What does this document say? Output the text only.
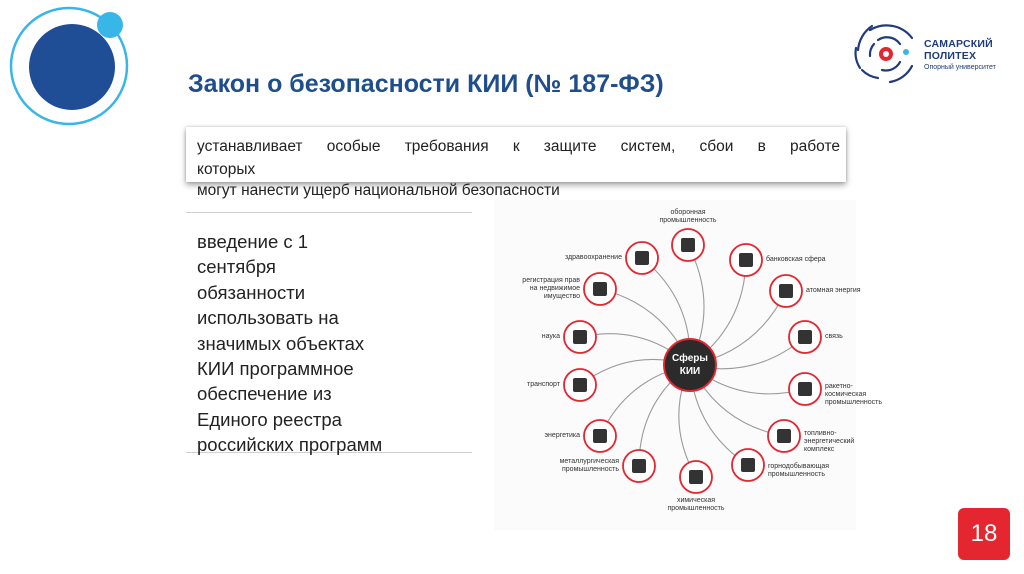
САМАРСКИЙ
ПОЛИТЕХ
Опорный университет
Закон о безопасности КИИ (№ 187-ФЗ)
устанавливает особые требования к защите систем, сбои в работе
которых
могут нанести ущерб национальной безопасности
введение с 1
сентября
обязанности
использовать на
значимых объектах
КИИ программное
обеспечение из
Единого реестра
российских программ
оборонная
промышленность
банковская сфера
атомная энергия
связь
ракетно-
космическая
промышленность
топливно-
энергетический
комплекс
горнодобывающая
промышленность
химическая
промышленность
металлургическая
промышленность
энергетика
транспорт
наука
регистрация прав
на недвижимое
имущество
здравоохранение
Сферы
КИИ
18
